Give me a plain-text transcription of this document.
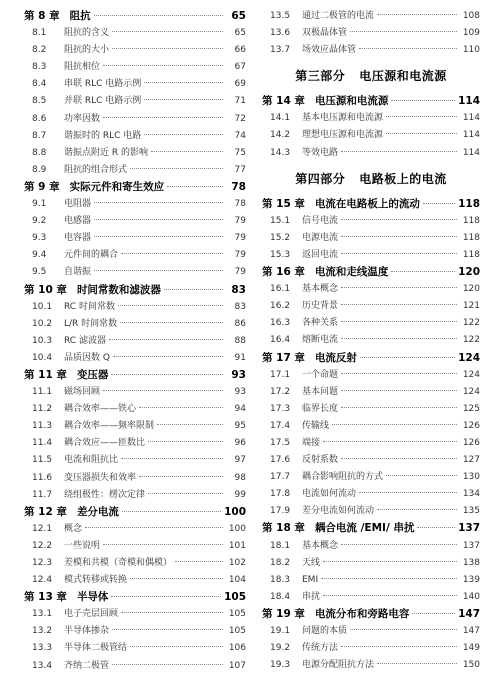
第 8 章 阻抗	65
8.1	阻抗的含义	65
8.2	阻抗的大小	66
8.3	阻抗相位	67
8.4	串联 RLC 电路示例	69
8.5	并联 RLC 电路示例	71
8.6	功率因数	72
8.7	谐振时的 RLC 电路	74
8.8	谐振点附近 R 的影响	75
8.9	阻抗的组合形式	77
第 9 章 实际元件和寄生效应	78
9.1	电阻器	78
9.2	电感器	79
9.3	电容器	79
9.4	元件间的耦合	79
9.5	自谐振	79
第 10 章 时间常数和滤波器	83
10.1	RC 时间常数	83
10.2	L/R 时间常数	86
10.3	RC 滤波器	88
10.4	品质因数 Q	91
第 11 章 变压器	93
11.1	磁场回顾	93
11.2	耦合效率——铁心	94
11.3	耦合效率——频率限制	95
11.4	耦合效应——匝数比	96
11.5	电流和阻抗比	97
11.6	变压器损失和效率	98
11.7	绕组极性：楞次定律	99
第 12 章 差分电流	100
12.1	概念	100
12.2	一些说明	101
12.3	差模和共模（奇模和偶模）	102
12.4	模式转移或转换	104
第 13 章 半导体	105
13.1	电子壳层回顾	105
13.2	半导体掺杂	105
13.3	半导体二极管结	106
13.4	齐纳二极管	107
13.5	通过二极管的电流	108
13.6	双极晶体管	109
13.7	场效应晶体管	110
第三部分 电压源和电流源
第 14 章 电压源和电流源	114
14.1	基本电压源和电流源	114
14.2	理想电压源和电流源	114
14.3	等效电路	114
第四部分 电路板上的电流
第 15 章 电流在电路板上的流动	118
15.1	信号电流	118
15.2	电源电流	118
15.3	返回电流	118
第 16 章 电流和走线温度	120
16.1	基本概念	120
16.2	历史背景	121
16.3	各种关系	122
16.4	熔断电流	122
第 17 章 电流反射	124
17.1	一个命题	124
17.2	基本问题	124
17.3	临界长度	125
17.4	传输线	126
17.5	端接	126
17.6	反射系数	127
17.7	耦合影响阻抗的方式	130
17.8	电流如何流动	134
17.9	差分电流如何流动	135
第 18 章 耦合电流 /EMI/ 串扰	137
18.1	基本概念	137
18.2	天线	138
18.3	EMI	139
18.4	串扰	140
第 19 章 电流分布和旁路电容	147
19.1	问题的本质	147
19.2	传统方法	149
19.3	电源分配阻抗方法	150
